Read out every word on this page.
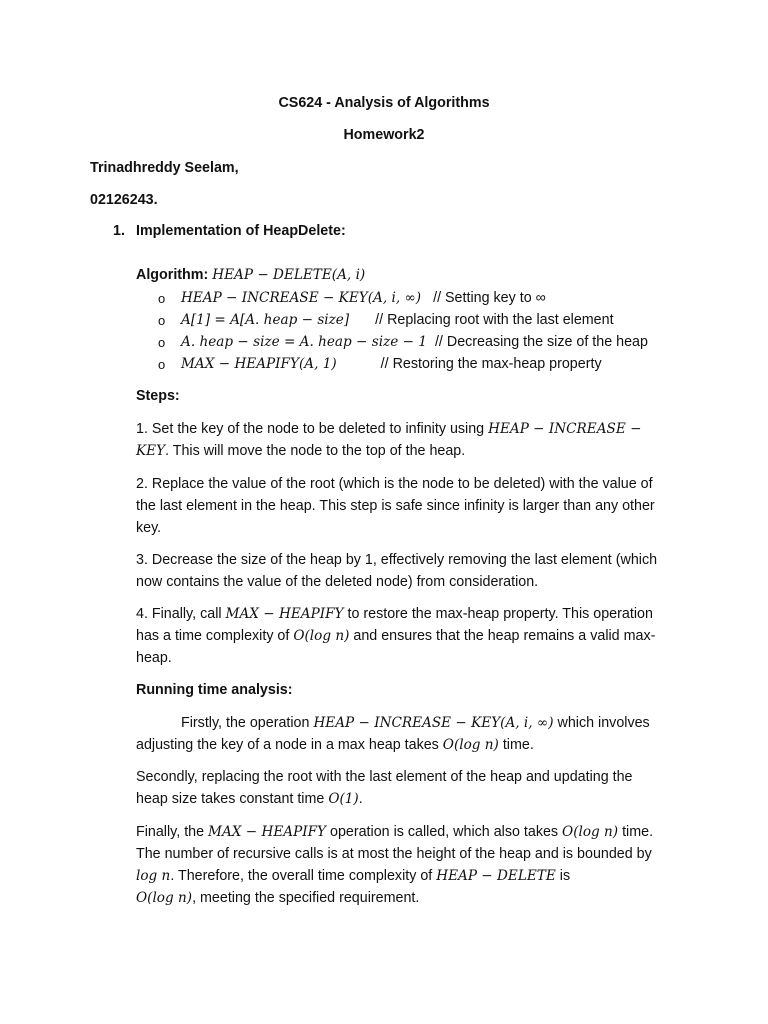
CS624 - Analysis of Algorithms
Homework2
Trinadhreddy Seelam,
02126243.
1. Implementation of HeapDelete:
Algorithm: HEAP − DELETE(A, i)
o HEAP − INCREASE − KEY(A, i, ∞) // Setting key to ∞
o A[1] = A[A. heap − size] // Replacing root with the last element
o A. heap − size = A. heap − size − 1 // Decreasing the size of the heap
o MAX − HEAPIFY(A, 1)	// Restoring the max-heap property
Steps:
1. Set the key of the node to be deleted to infinity using HEAP − INCREASE −
KEY. This will move the node to the top of the heap.
2. Replace the value of the root (which is the node to be deleted) with the value of
the last element in the heap. This step is safe since infinity is larger than any other
key.
3. Decrease the size of the heap by 1, effectively removing the last element (which
now contains the value of the deleted node) from consideration.
4. Finally, call MAX − HEAPIFY to restore the max-heap property. This operation
has a time complexity of O(log n) and ensures that the heap remains a valid max-
heap.
Running time analysis:
Firstly, the operation HEAP − INCREASE − KEY(A, i, ∞) which involves
adjusting the key of a node in a max heap takes O(log n) time.
Secondly, replacing the root with the last element of the heap and updating the
heap size takes constant time O(1).
Finally, the MAX − HEAPIFY operation is called, which also takes O(log n) time.
The number of recursive calls is at most the height of the heap and is bounded by
log n. Therefore, the overall time complexity of HEAP − DELETE is
O(log n), meeting the specified requirement.
